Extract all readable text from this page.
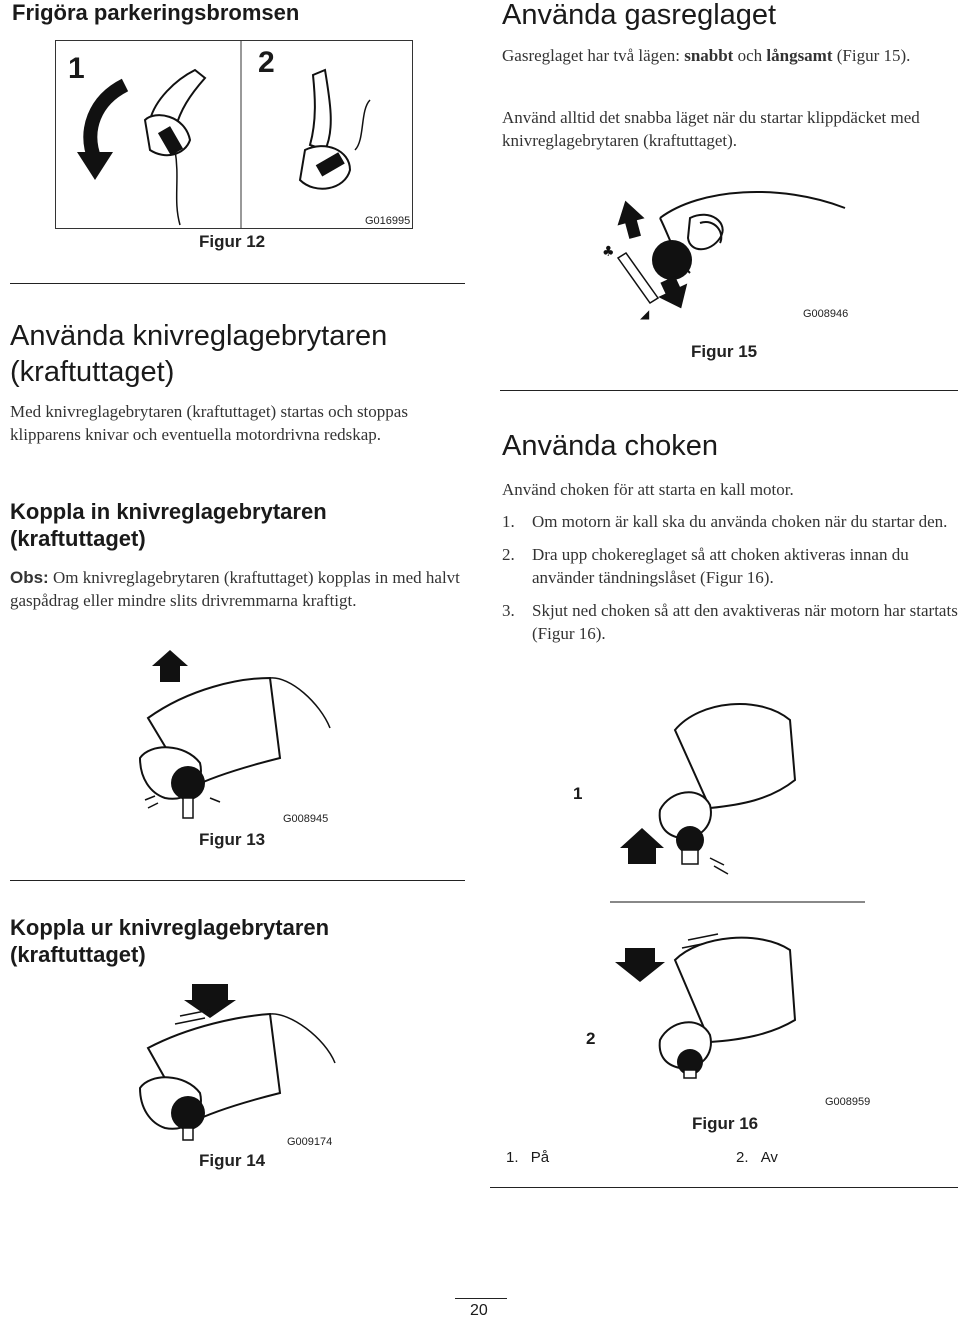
Frigöra parkeringsbromsen
1	2
G016995
Figur 12
Använda knivreglagebrytaren
(kraftuttaget)

Med knivreglagebrytaren (kraftuttaget) startas och stoppas klipparens knivar och eventuella motordrivna redskap.

Koppla in knivreglagebrytaren
(kraftuttaget)

Obs: Om knivreglagebrytaren (kraftuttaget) kopplas in med halvt gaspådrag eller mindre slits drivremmarna kraftigt.

G008945
Figur 13
Koppla ur knivreglagebrytaren
(kraftuttaget)
G009174
Figur 14
Använda gasreglaget

Gasreglaget har två lägen: snabbt och långsamt (Figur 15).

Använd alltid det snabba läget när du startar klippdäcket med knivreglagebrytaren (kraftuttaget).

♣
◢	G008946
Figur 15
Använda choken

Använd choken för att starta en kall motor.

1.	Om motorn är kall ska du använda choken när du startar den.
2.	Dra upp chokereglaget så att choken aktiveras innan du använder tändningslåset (Figur 16).
3.	Skjut ned choken så att den avaktiveras när motorn har startats (Figur 16).
1
2
G008959
Figur 16
1. På	2. Av
20
